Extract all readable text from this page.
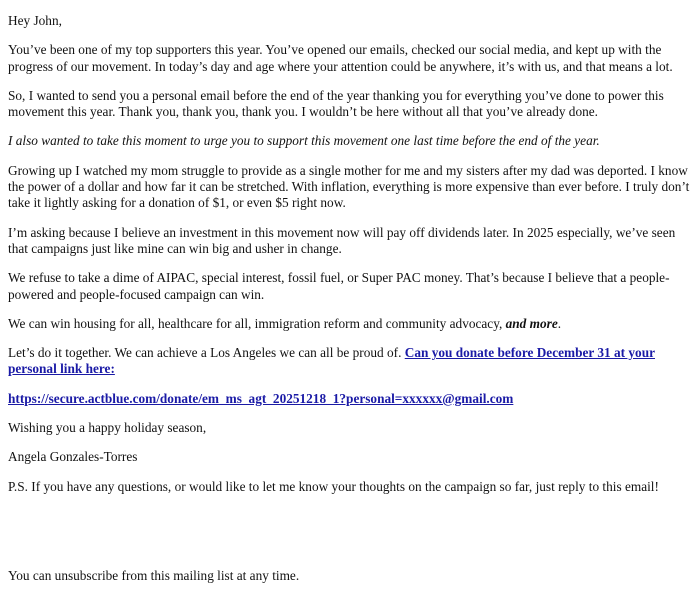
Hey John,

You’ve been one of my top supporters this year. You’ve opened our emails, checked our social media, and kept up with the progress of our movement. In today’s day and age where your attention could be anywhere, it’s with us, and that means a lot.

So, I wanted to send you a personal email before the end of the year thanking you for everything you’ve done to power this movement this year. Thank you, thank you, thank you. I wouldn’t be here without all that you’ve already done.

I also wanted to take this moment to urge you to support this movement one last time before the end of the year.

Growing up I watched my mom struggle to provide as a single mother for me and my sisters after my dad was deported. I know the power of a dollar and how far it can be stretched. With inflation, everything is more expensive than ever before. I truly don’t take it lightly asking for a donation of $1, or even $5 right now.

I’m asking because I believe an investment in this movement now will pay off dividends later. In 2025 especially, we’ve seen that campaigns just like mine can win big and usher in change.

We refuse to take a dime of AIPAC, special interest, fossil fuel, or Super PAC money. That’s because I believe that a people-powered and people-focused campaign can win.

We can win housing for all, healthcare for all, immigration reform and community advocacy, and more.

Let’s do it together. We can achieve a Los Angeles we can all be proud of. Can you donate before December 31 at your personal link here:

https://secure.actblue.com/donate/em_ms_agt_20251218_1?personal=xxxxxx@gmail.com

Wishing you a happy holiday season,

Angela Gonzales-Torres

P.S. If you have any questions, or would like to let me know your thoughts on the campaign so far, just reply to this email!

You can unsubscribe from this mailing list at any time.
